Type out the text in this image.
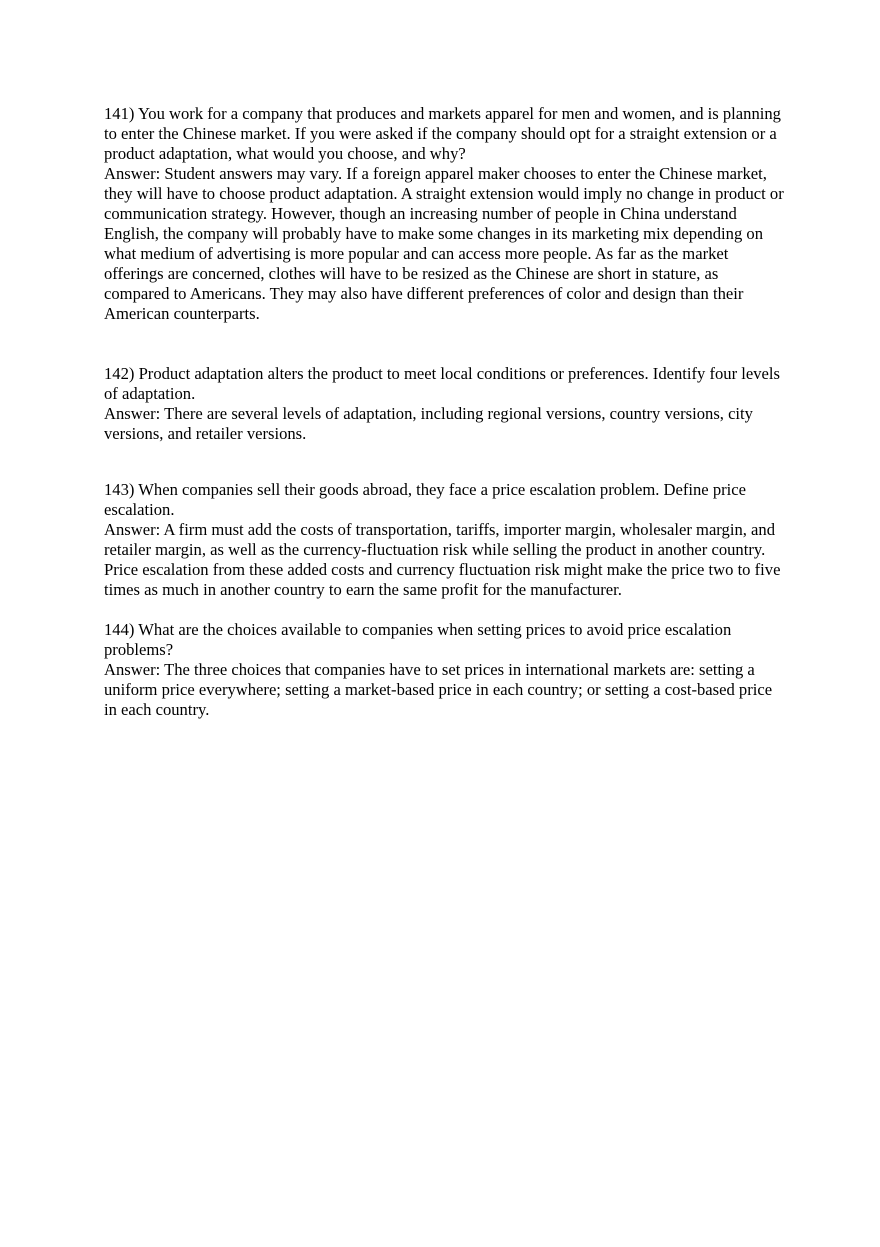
141) You work for a company that produces and markets apparel for men and women, and is planning to enter the Chinese market. If you were asked if the company should opt for a straight extension or a product adaptation, what would you choose, and why?

Answer: Student answers may vary. If a foreign apparel maker chooses to enter the Chinese market, they will have to choose product adaptation. A straight extension would imply no change in product or communication strategy. However, though an increasing number of people in China understand English, the company will probably have to make some changes in its marketing mix depending on what medium of advertising is more popular and can access more people. As far as the market offerings are concerned, clothes will have to be resized as the Chinese are short in stature, as compared to Americans. They may also have different preferences of color and design than their American counterparts.

142) Product adaptation alters the product to meet local conditions or preferences. Identify four levels of adaptation.

Answer: There are several levels of adaptation, including regional versions, country versions, city versions, and retailer versions.

143) When companies sell their goods abroad, they face a price escalation problem. Define price escalation.

Answer: A firm must add the costs of transportation, tariffs, importer margin, wholesaler margin, and retailer margin, as well as the currency-fluctuation risk while selling the product in another country. Price escalation from these added costs and currency fluctuation risk might make the price two to five times as much in another country to earn the same profit for the manufacturer.

144) What are the choices available to companies when setting prices to avoid price escalation problems?

Answer: The three choices that companies have to set prices in international markets are: setting a uniform price everywhere; setting a market-based price in each country; or setting a cost-based price in each country.
